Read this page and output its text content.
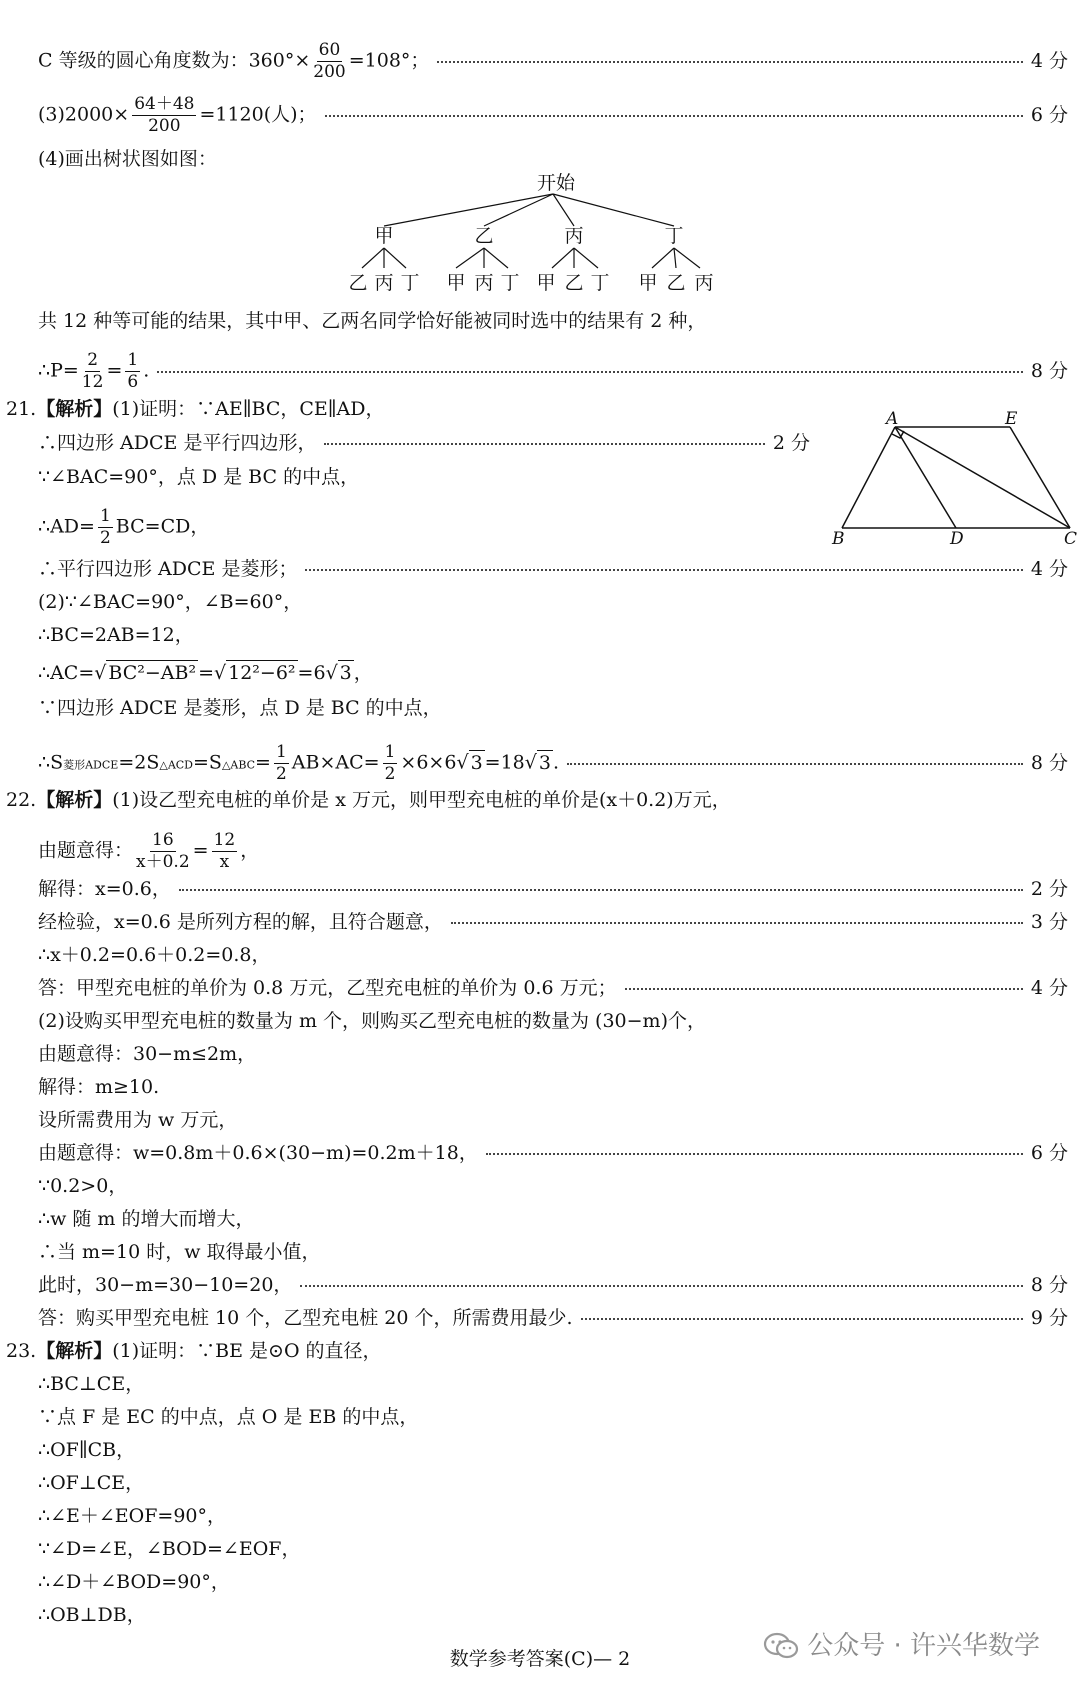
C 等级的圆心角度数为：$360^\circ\times \frac{60}{200} =108^\circ$；	4 分
$(3)2000\times \frac{64+48}{200} =1120$(人)；	6 分
(4)画出树状图如图：
开始
甲	乙	丙	丁
乙 丙 丁 甲 丙 丁 甲 乙 丁 甲 乙 丙
共 12 种等可能的结果，其中甲、乙两名同学恰好能被同时选中的结果有 2 种，
∴P= $\frac{2}{12} = \frac{1}{6}$ .	8 分
21.【解析】(1)证明：∵AE∥BC，CE∥AD，
∴四边形 ADCE 是平行四边形，	2 分
∵∠BAC=90°，点 D 是 BC 的中点，
∴AD= $\frac{1}{2} BC=CD$，
A	E
B	D	C
∴平行四边形 ADCE 是菱形；	4 分
(2)∵∠BAC=90°，∠B=60°，
∴BC=2AB=12，
∴AC=√ BC²−AB² =√ 12²−6² =6√ 3 ，
∵四边形 ADCE 是菱形，点 D 是 BC 的中点，
∴S菱形ADCE=2S△ACD=S△ABC= $\frac{1}{2} AB\times AC= \frac{1}{2} \times 6\times 6√$ 3 =18√ 3 .	8 分
22.【解析】(1)设乙型充电桩的单价是 x 万元，则甲型充电桩的单价是(x＋0.2)万元，
由题意得： $\frac{16}{x+0.2} = \frac{12}{x}$ ，
解得：x=0.6，	2 分
经检验，x=0.6 是所列方程的解，且符合题意，	3 分
∴x＋0.2=0.6＋0.2=0.8，
答：甲型充电桩的单价为 0.8 万元，乙型充电桩的单价为 0.6 万元；	4 分
(2)设购买甲型充电桩的数量为 m 个，则购买乙型充电桩的数量为 (30−m)个，
由题意得：30−m≤2m，
解得：m≥10.
设所需费用为 w 万元，
由题意得：w=0.8m＋0.6×(30−m)=0.2m＋18，	6 分
∵0.2>0，
∴w 随 m 的增大而增大，
∴当 m=10 时，w 取得最小值，
此时，30−m=30−10=20，	8 分
答：购买甲型充电桩 10 个，乙型充电桩 20 个，所需费用最少.	9 分
23.【解析】(1)证明：∵BE 是⊙O 的直径，
∴BC⊥CE，
∵点 F 是 EC 的中点，点 O 是 EB 的中点，
∴OF∥CB，
∴OF⊥CE，
∴∠E＋∠EOF=90°，
∵∠D=∠E，∠BOD=∠EOF，
∴∠D＋∠BOD=90°，
∴OB⊥DB，
公众号 · 许兴华数学
数学参考答案(C)— 2
